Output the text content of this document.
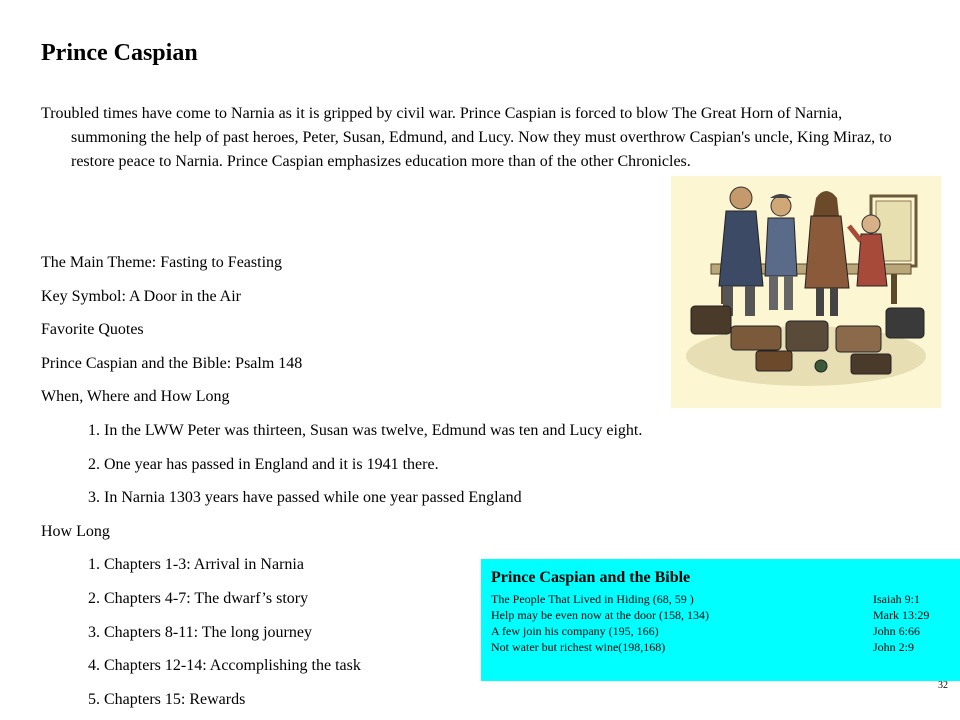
Prince Caspian

Troubled times have come to Narnia as it is gripped by civil war. Prince Caspian is forced to blow The Great Horn of Narnia, summoning the help of past heroes, Peter, Susan, Edmund, and Lucy. Now they must overthrow Caspian's uncle, King Miraz, to restore peace to Narnia. Prince Caspian emphasizes education more than of the other Chronicles.

The Main Theme: Fasting to Feasting
Key Symbol: A Door in the Air
Favorite Quotes
Prince Caspian and the Bible: Psalm 148
When, Where and How Long
1. In the LWW Peter was thirteen, Susan was twelve, Edmund was ten and Lucy eight.
2. One year has passed in England and it is 1941 there.
3. In Narnia 1303 years have passed while one year passed England
How Long
1. Chapters 1-3: Arrival in Narnia
2. Chapters 4-7: The dwarf’s story
3. Chapters 8-11: The long journey
4. Chapters 12-14: Accomplishing the task
5. Chapters 15: Rewards
Prince Caspian and the Bible
The People That Lived in Hiding (68, 59 )	Isaiah 9:1
Help may be even now at the door (158, 134)	Mark 13:29
A few join his company (195, 166)	John 6:66
Not water but richest wine(198,168)	John 2:9
32
